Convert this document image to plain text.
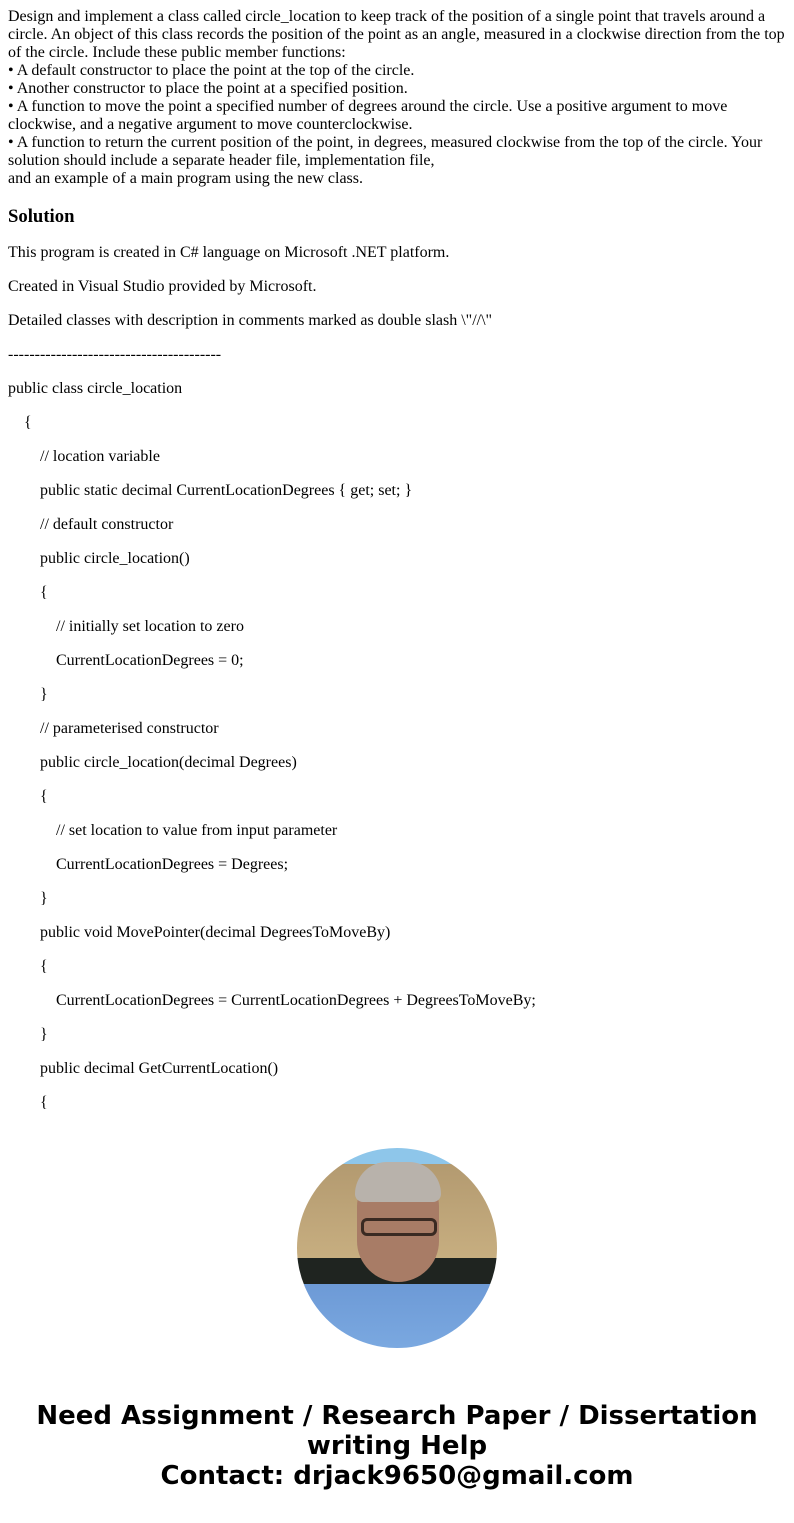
Design and implement a class called circle_location to keep track of the position of a single point that travels around a circle. An object of this class records the position of the point as an angle, measured in a clockwise direction from the top of the circle. Include these public member functions:
• A default constructor to place the point at the top of the circle.
• Another constructor to place the point at a specified position.
• A function to move the point a specified number of degrees around the circle. Use a positive argument to move clockwise, and a negative argument to move counterclockwise.
• A function to return the current position of the point, in degrees, measured clockwise from the top of the circle. Your solution should include a separate header file, implementation file,
and an example of a main program using the new class.
Solution

This program is created in C# language on Microsoft .NET platform.

Created in Visual Studio provided by Microsoft.

Detailed classes with description in comments marked as double slash \"//\"

----------------------------------------

public class circle_location

{

// location variable

public static decimal CurrentLocationDegrees { get; set; }

// default constructor

public circle_location()

{

// initially set location to zero

CurrentLocationDegrees = 0;

}

// parameterised constructor

public circle_location(decimal Degrees)

{

// set location to value from input parameter

CurrentLocationDegrees = Degrees;

}

public void MovePointer(decimal DegreesToMoveBy)

{

CurrentLocationDegrees = CurrentLocationDegrees + DegreesToMoveBy;

}

public decimal GetCurrentLocation()

{

Need Assignment / Research Paper / Dissertation
writing Help
Contact: drjack9650@gmail.com
